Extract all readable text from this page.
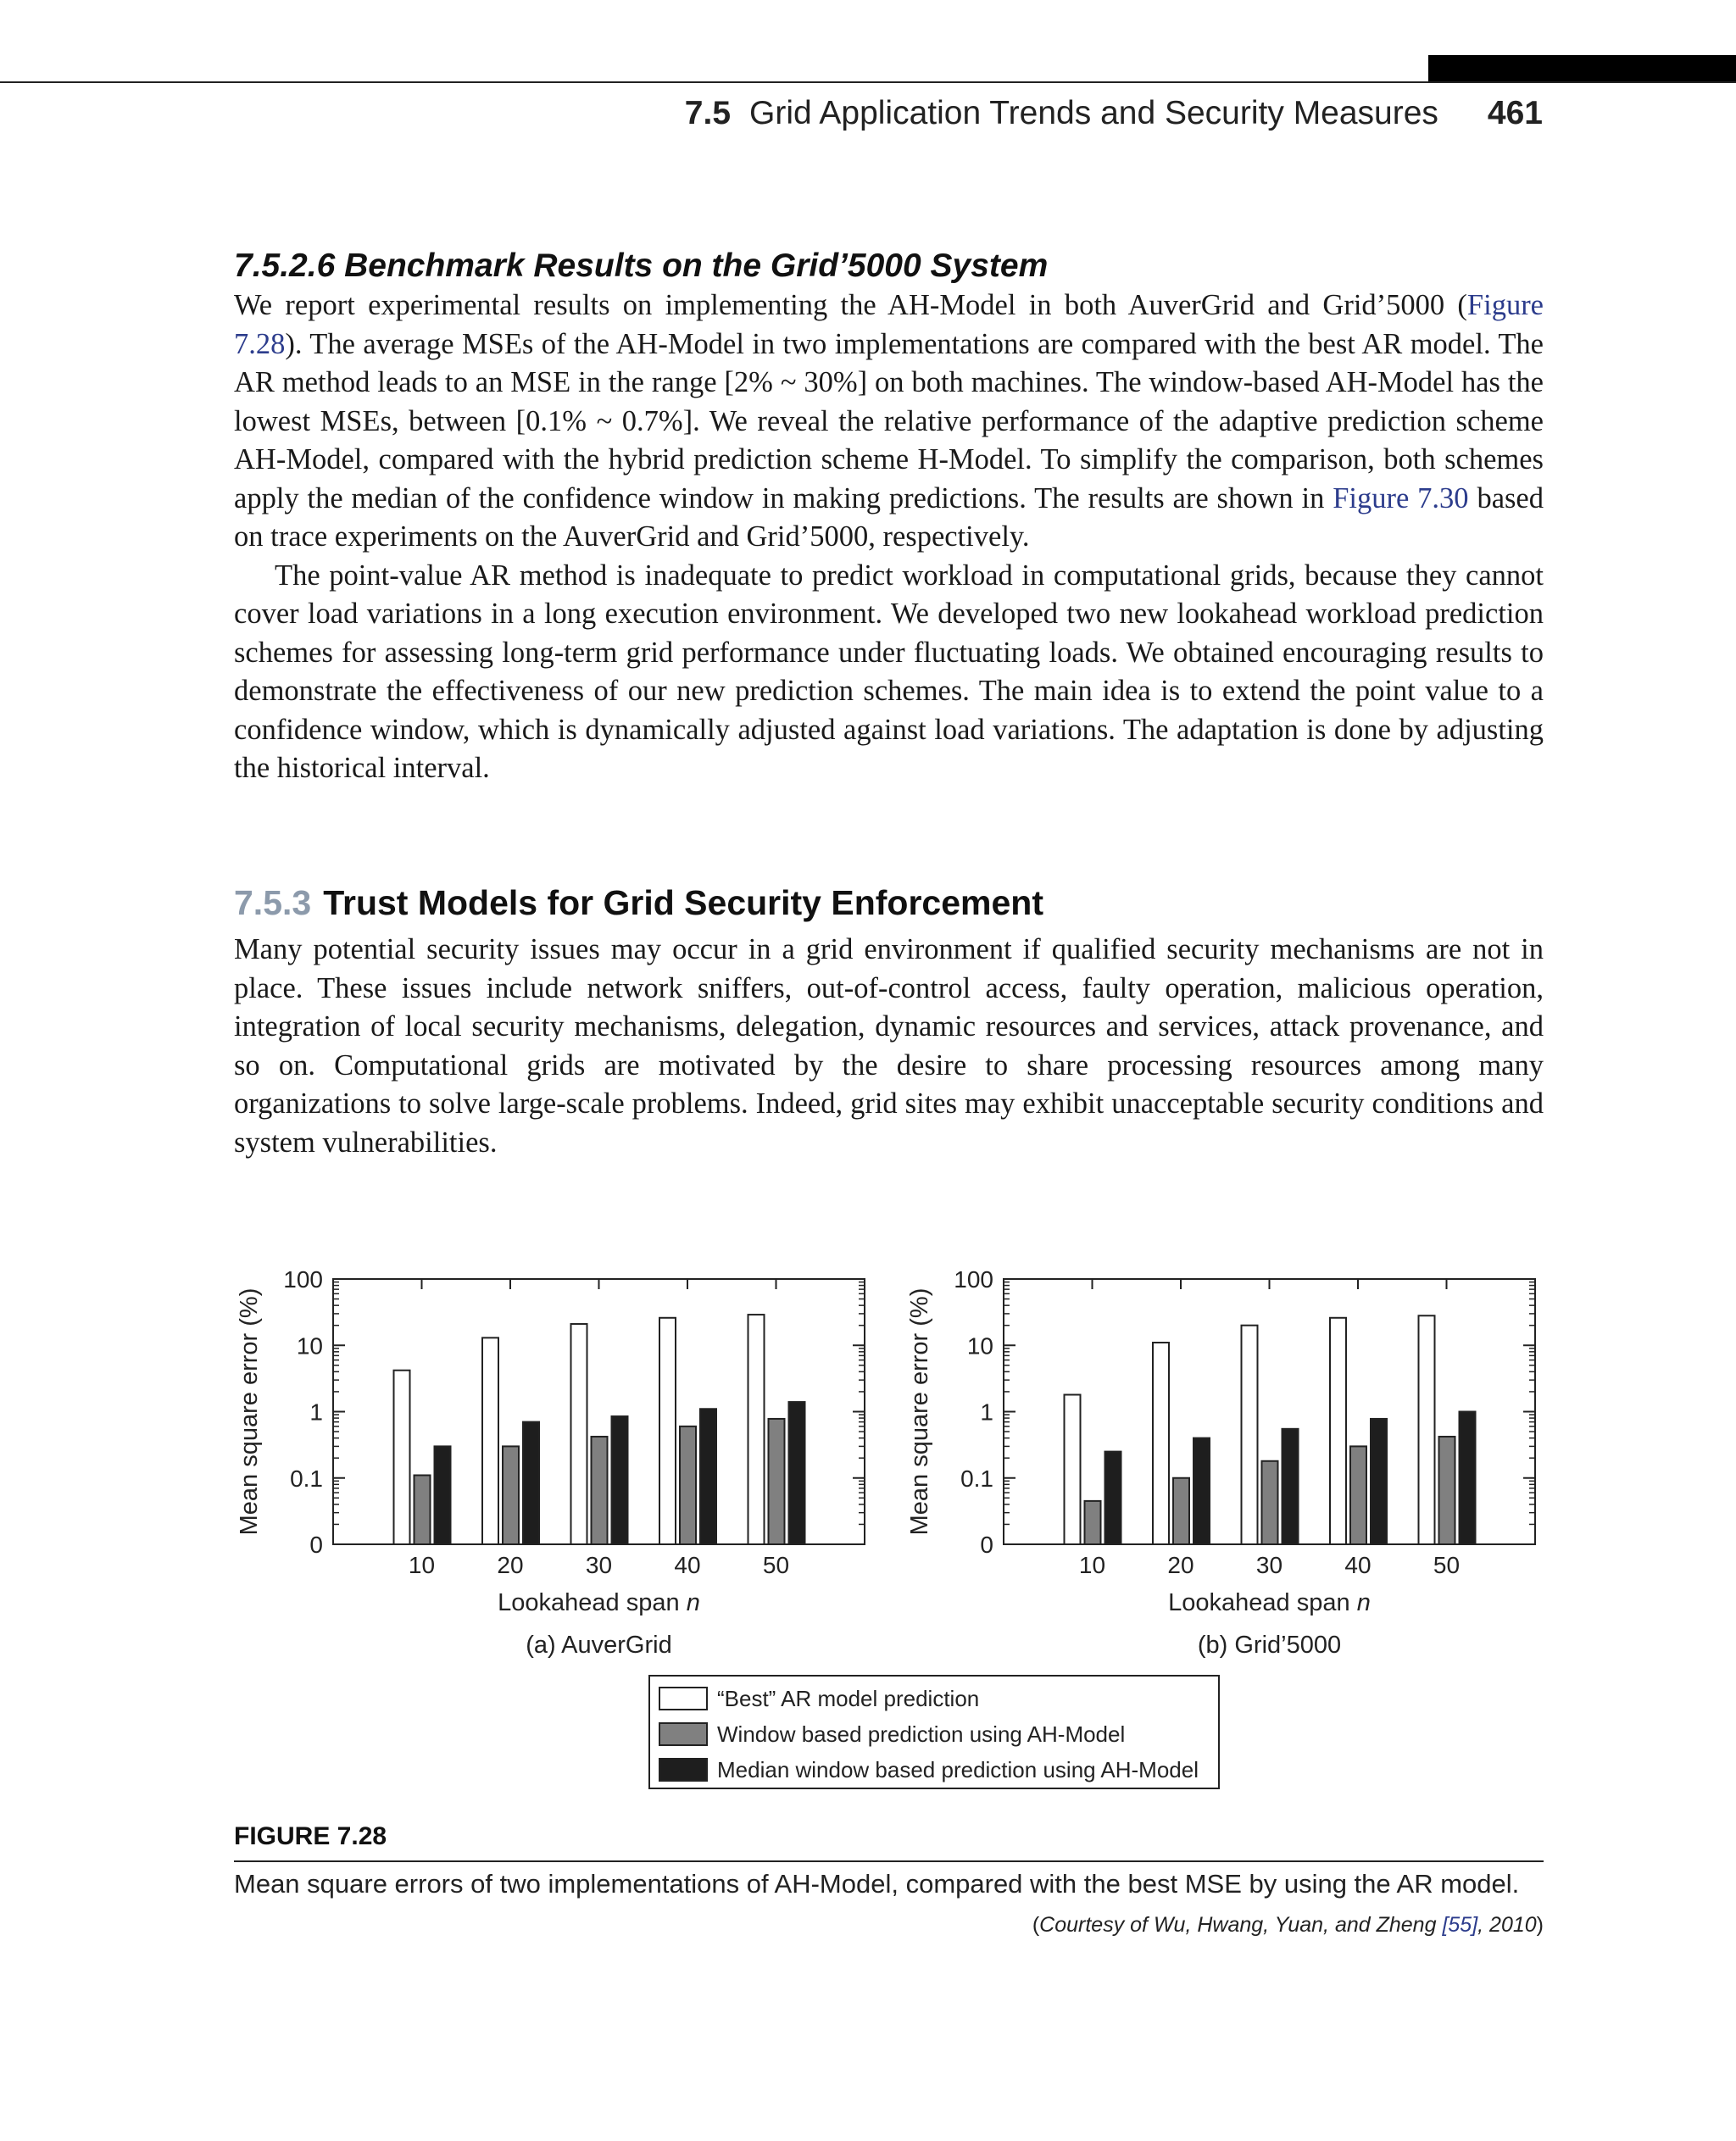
7.5 Grid Application Trends and Security Measures 461
7.5.2.6 Benchmark Results on the Grid’5000 System

We report experimental results on implementing the AH-Model in both AuverGrid and Grid’5000 (Figure 7.28). The average MSEs of the AH-Model in two implementations are compared with the best AR model. The AR method leads to an MSE in the range [2% ~ 30%] on both machines. The window-based AH-Model has the lowest MSEs, between [0.1% ~ 0.7%]. We reveal the relative performance of the adaptive prediction scheme AH-Model, compared with the hybrid prediction scheme H-Model. To simplify the comparison, both schemes apply the median of the confidence window in making predictions. The results are shown in Figure 7.30 based on trace experiments on the AuverGrid and Grid’5000, respectively.

The point-value AR method is inadequate to predict workload in computational grids, because they cannot cover load variations in a long execution environment. We developed two new lookahead workload prediction schemes for assessing long-term grid performance under fluctuating loads. We obtained encouraging results to demonstrate the effectiveness of our new prediction schemes. The main idea is to extend the point value to a confidence window, which is dynamically adjusted against load variations. The adaptation is done by adjusting the historical interval.

7.5.3 Trust Models for Grid Security Enforcement

Many potential security issues may occur in a grid environment if qualified security mechanisms are not in place. These issues include network sniffers, out-of-control access, faulty operation, malicious operation, integration of local security mechanisms, delegation, dynamic resources and services, attack provenance, and so on. Computational grids are motivated by the desire to share processing resources among many organizations to solve large-scale problems. Indeed, grid sites may exhibit unacceptable security conditions and system vulnerabilities.

0
0.1
1
10
100
10	20	30	40	50
Lookahead span n
(a) AuverGrid
Mean square error (%)
0
0.1
1
10
100
10	20	30	40	50
Lookahead span n
(b) Grid’5000
Mean square error (%)
“Best” AR model prediction
Window based prediction using AH-Model
Median window based prediction using AH-Model
FIGURE 7.28
Mean square errors of two implementations of AH-Model, compared with the best MSE by using the AR model.
(Courtesy of Wu, Hwang, Yuan, and Zheng [55], 2010)
